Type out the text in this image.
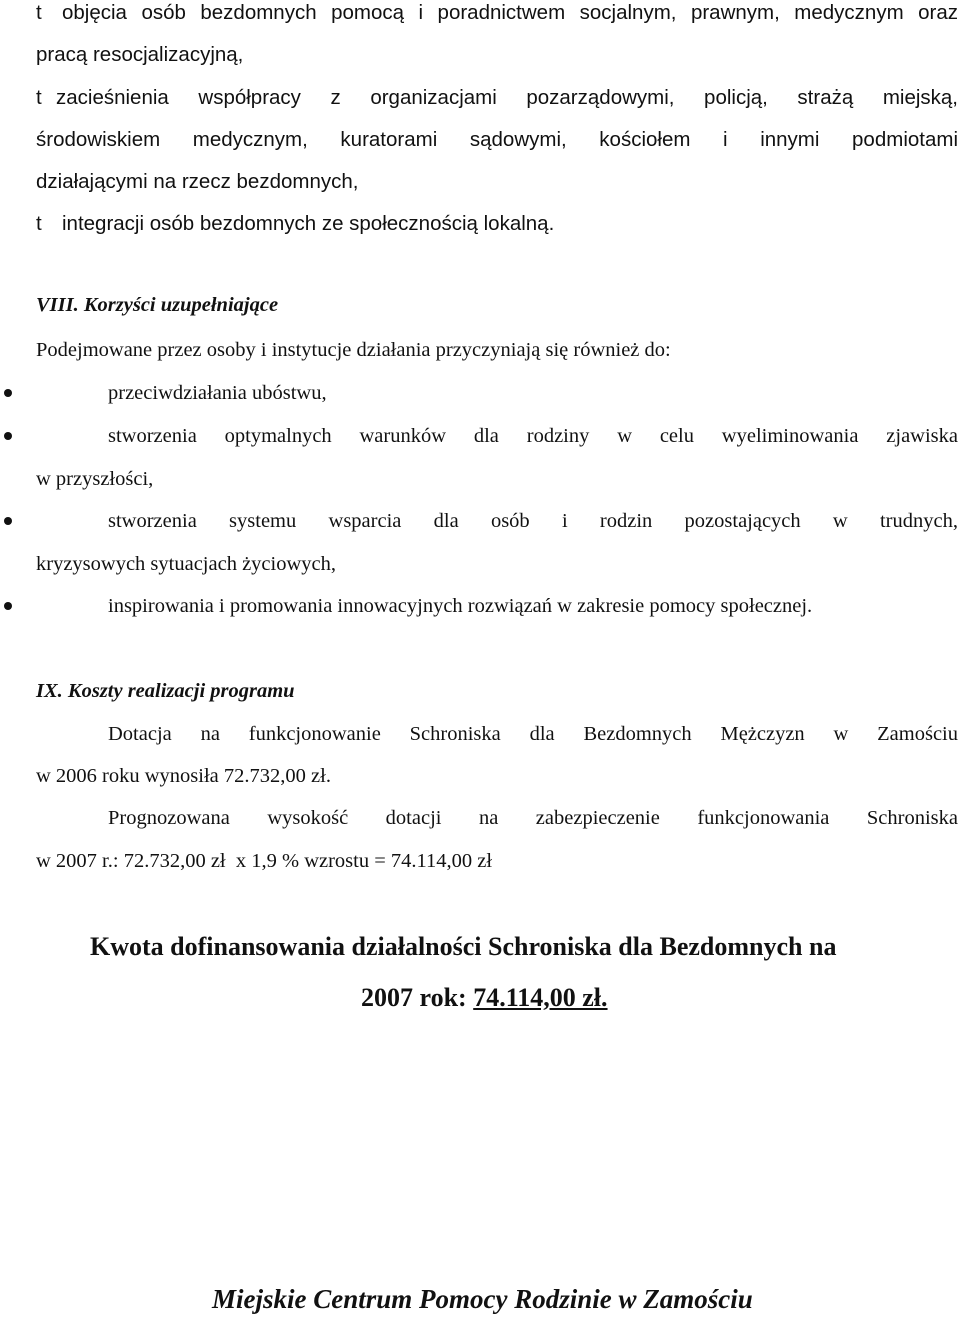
t objęcia osób bezdomnych pomocą i poradnictwem socjalnym, prawnym, medycznym oraz
pracą resocjalizacyjną,
t zacieśnienia współpracy z organizacjami pozarządowymi, policją, strażą miejską,
środowiskiem medycznym, kuratorami sądowymi, kościołem i innymi podmiotami
działającymi na rzecz bezdomnych,
t integracji osób bezdomnych ze społecznością lokalną.
VIII. Korzyści uzupełniające
Podejmowane przez osoby i instytucje działania przyczyniają się również do:
przeciwdziałania ubóstwu,
stworzenia optymalnych warunków dla rodziny w celu wyeliminowania zjawiska
w przyszłości,
stworzenia systemu wsparcia dla osób i rodzin pozostających w trudnych,
kryzysowych sytuacjach życiowych,
inspirowania i promowania innowacyjnych rozwiązań w zakresie pomocy społecznej.
IX. Koszty realizacji programu
Dotacja na funkcjonowanie Schroniska dla Bezdomnych Mężczyzn w Zamościu
w 2006 roku wynosiła 72.732,00 zł.
Prognozowana wysokość dotacji na zabezpieczenie funkcjonowania Schroniska
w 2007 r.: 72.732,00 zł  x 1,9 % wzrostu = 74.114,00 zł
Kwota dofinansowania działalności Schroniska dla Bezdomnych na
2007 rok: 74.114,00 zł.
Miejskie Centrum Pomocy Rodzinie w Zamościu
